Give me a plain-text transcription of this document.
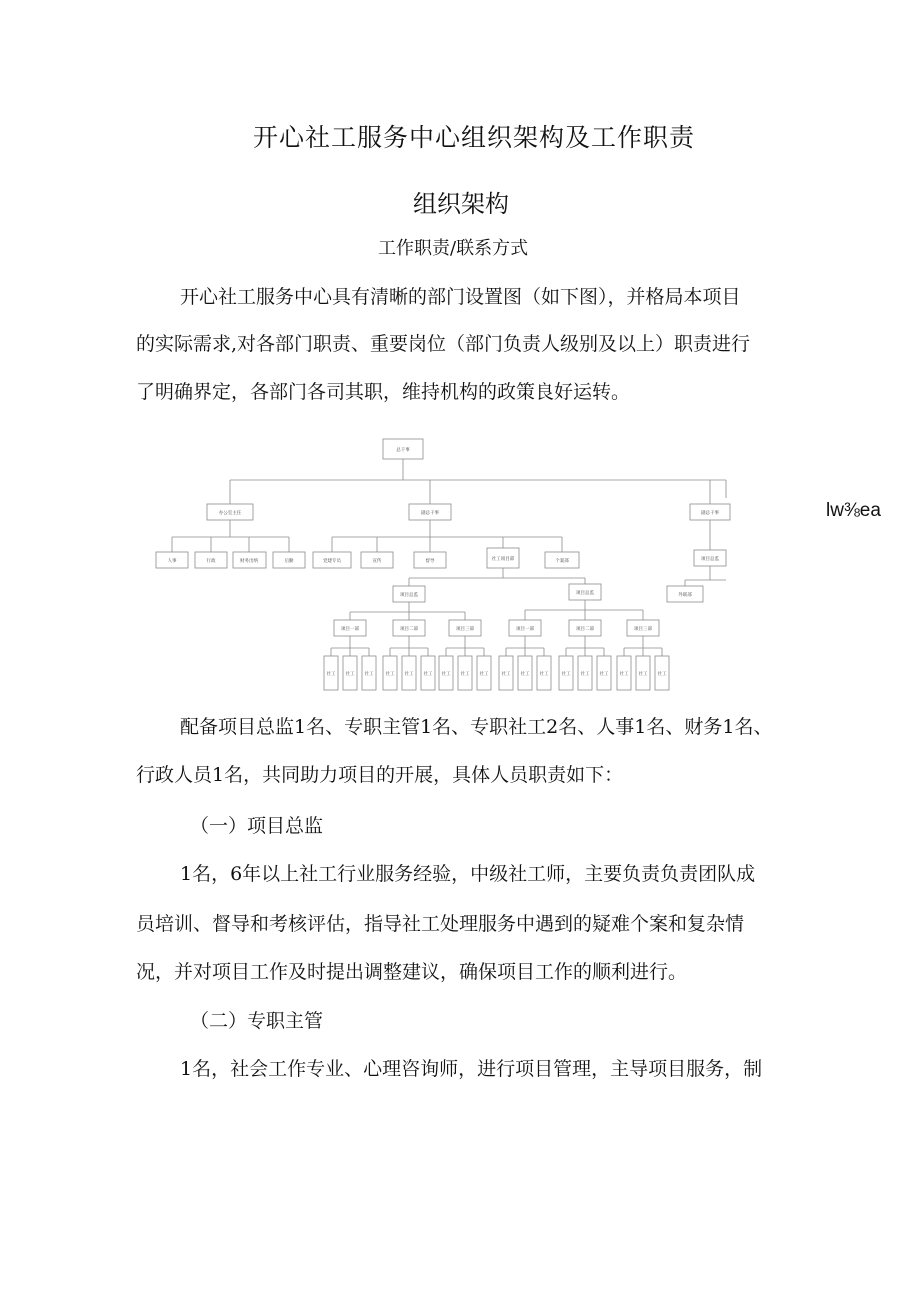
开心社工服务中心组织架构及工作职责
组织架构
工作职责/联系方式
开心社工服务中心具有清晰的部门设置图（如下图），并格局本项目
的实际需求,对各部门职责、重要岗位（部门负责人级别及以上）职责进行
了明确界定，各部门各司其职，维持机构的政策良好运转。
lw⅜ea
总干事
办公室主任	副总干事	副总干事
人事	行政	财务出纳	后勤	党建专员	宣传	督导	社工项目部	个案部	项目总监
外联部
项目总监	项目总监
项目一部	项目二部	项目三部	项目一部	项目二部	项目三部
社工 社工 社工	社工 社工 社工 社工 社工 社工	社工 社工 社工	社工 社工 社工 社工 社工 社工
配备项目总监1名、专职主管1名、专职社工2名、人事1名、财务1名、
行政人员1名，共同助力项目的开展，具体人员职责如下：
（一）项目总监
1名，6年以上社工行业服务经验，中级社工师，主要负责负责团队成
员培训、督导和考核评估，指导社工处理服务中遇到的疑难个案和复杂情
况，并对项目工作及时提出调整建议，确保项目工作的顺利进行。
（二）专职主管
1名，社会工作专业、心理咨询师，进行项目管理，主导项目服务，制
